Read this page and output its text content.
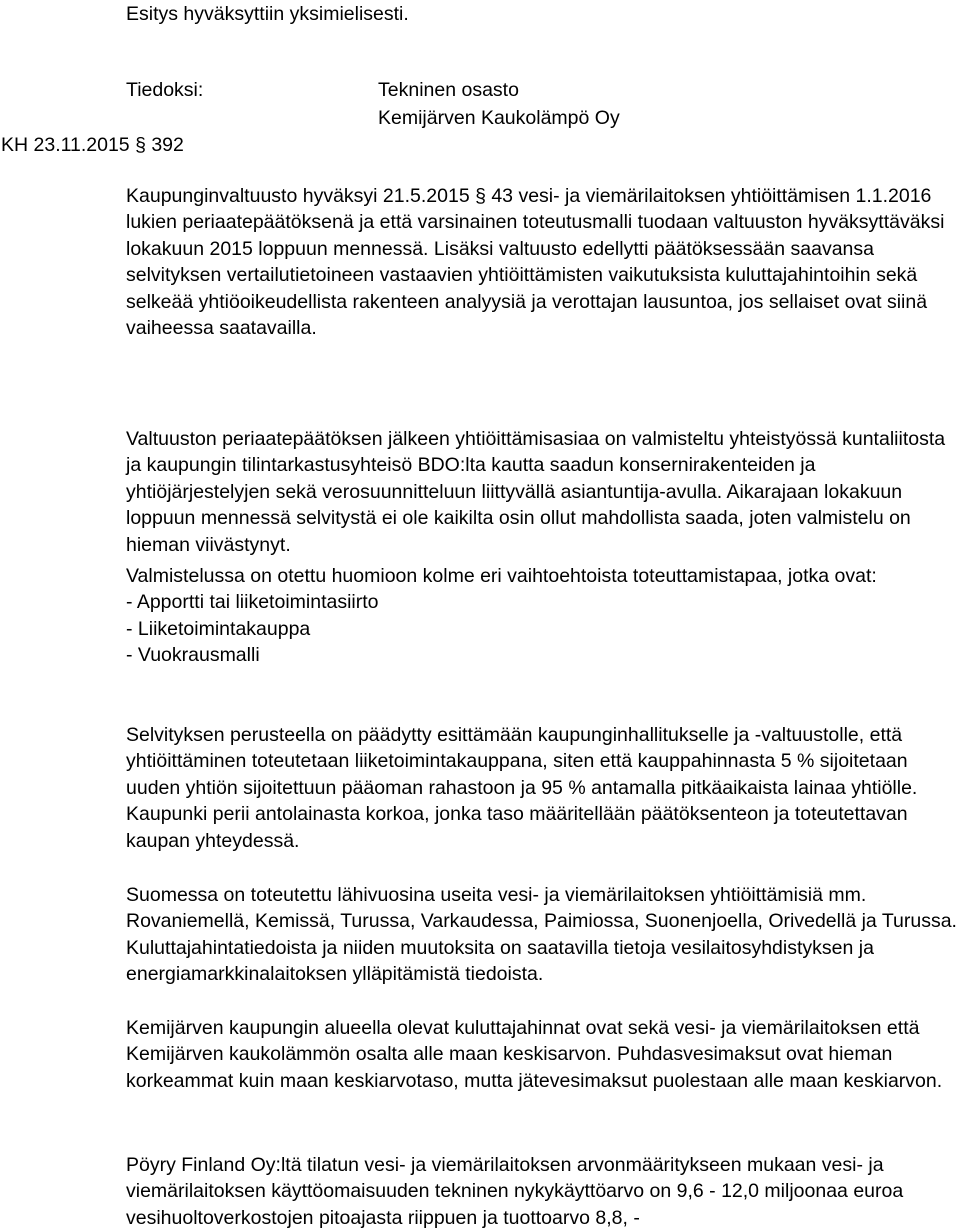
Esitys hyväksyttiin yksimielisesti.
Tiedoksi:	Tekninen osasto
Kemijärven Kaukolämpö Oy
KH 23.11.2015 § 392
Kaupunginvaltuusto hyväksyi 21.5.2015 § 43 vesi- ja viemärilaitoksen yhtiöittämisen 1.1.2016 lukien periaatepäätöksenä ja että varsinainen toteutusmalli tuodaan valtuuston hyväksyttäväksi lokakuun 2015 loppuun mennessä. Lisäksi valtuusto edellytti päätöksessään saavansa selvityksen vertailutietoineen vastaavien yhtiöittämisten vaikutuksista kuluttajahintoihin sekä selkeää yhtiöoikeudellista rakenteen analyysiä ja verottajan lausuntoa, jos sellaiset ovat siinä vaiheessa saatavailla.
Valtuuston periaatepäätöksen jälkeen yhtiöittämisasiaa on valmisteltu yhteistyössä kuntaliitosta ja kaupungin tilintarkastusyhteisö BDO:lta kautta saadun konsernirakenteiden ja yhtiöjärjestelyjen sekä verosuunnitteluun liittyvällä asiantuntija-avulla. Aikarajaan lokakuun loppuun mennessä selvitystä ei ole kaikilta osin ollut mahdollista saada, joten valmistelu on hieman viivästynyt.

Valmistelussa on otettu huomioon kolme eri vaihtoehtoista toteuttamistapaa, jotka ovat:

- Apportti tai liiketoimintasiirto
- Liiketoimintakauppa
- Vuokrausmalli
Selvityksen perusteella on päädytty esittämään kaupunginhallitukselle ja -valtuustolle, että yhtiöittäminen toteutetaan liiketoimintakauppana, siten että kauppahinnasta 5 % sijoitetaan uuden yhtiön sijoitettuun pääoman rahastoon ja 95 % antamalla pitkäaikaista lainaa yhtiölle. Kaupunki perii antolainasta korkoa, jonka taso määritellään päätöksenteon ja toteutettavan kaupan yhteydessä.
Suomessa on toteutettu lähivuosina useita vesi- ja viemärilaitoksen yhtiöittämisiä mm. Rovaniemellä, Kemissä, Turussa, Varkaudessa, Paimiossa, Suonenjoella, Orivedellä ja Turussa. Kuluttajahintatiedoista ja niiden muutoksita on saatavilla tietoja vesilaitosyhdistyksen ja energiamarkkinalaitoksen ylläpitämistä tiedoista.
Kemijärven kaupungin alueella olevat kuluttajahinnat ovat sekä vesi- ja viemärilaitoksen että Kemijärven kaukolämmön osalta alle maan keskisarvon. Puhdasvesimaksut ovat hieman korkeammat kuin maan keskiarvotaso, mutta jätevesimaksut puolestaan alle maan keskiarvon.
Pöyry Finland Oy:ltä tilatun vesi- ja viemärilaitoksen arvonmääritykseen mukaan vesi- ja viemärilaitoksen käyttöomaisuuden tekninen nykykäyttöarvo on 9,6 - 12,0 miljoonaa euroa vesihuoltoverkostojen pitoajasta riippuen ja tuottoarvo 8,8, -
